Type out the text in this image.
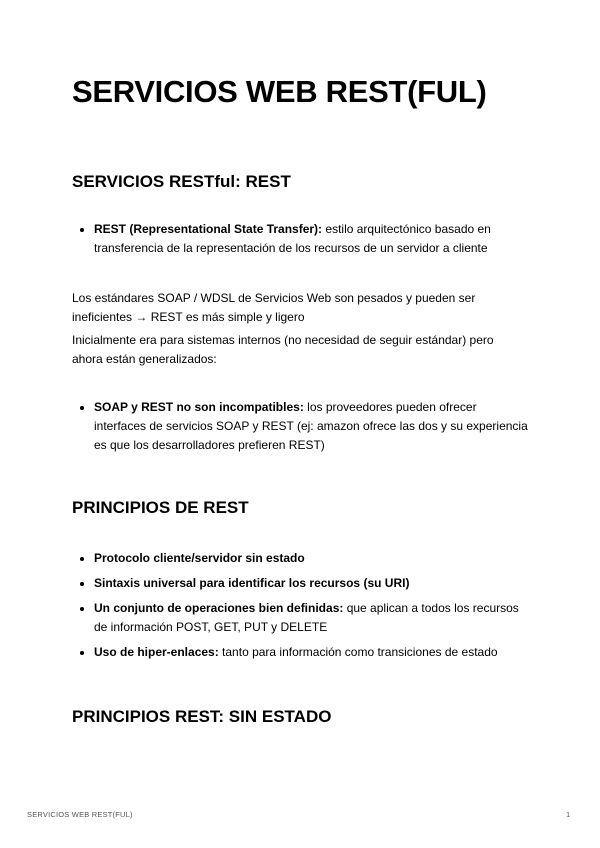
SERVICIOS WEB REST(FUL)
SERVICIOS RESTful: REST
REST (Representational State Transfer): estilo arquitectónico basado en transferencia de la representación de los recursos de un servidor a cliente

Los estándares SOAP / WDSL de Servicios Web son pesados y pueden ser ineficientes → REST es más simple y ligero

Inicialmente era para sistemas internos (no necesidad de seguir estándar) pero ahora están generalizados:

SOAP y REST no son incompatibles: los proveedores pueden ofrecer interfaces de servicios SOAP y REST (ej: amazon ofrece las dos y su experiencia es que los desarrolladores prefieren REST)
PRINCIPIOS DE REST
Protocolo cliente/servidor sin estado
Sintaxis universal para identificar los recursos (su URI)
Un conjunto de operaciones bien definidas: que aplican a todos los recursos de información POST, GET, PUT y DELETE
Uso de hiper-enlaces: tanto para información como transiciones de estado
PRINCIPIOS REST: SIN ESTADO
SERVICIOS WEB REST(FUL)	1
